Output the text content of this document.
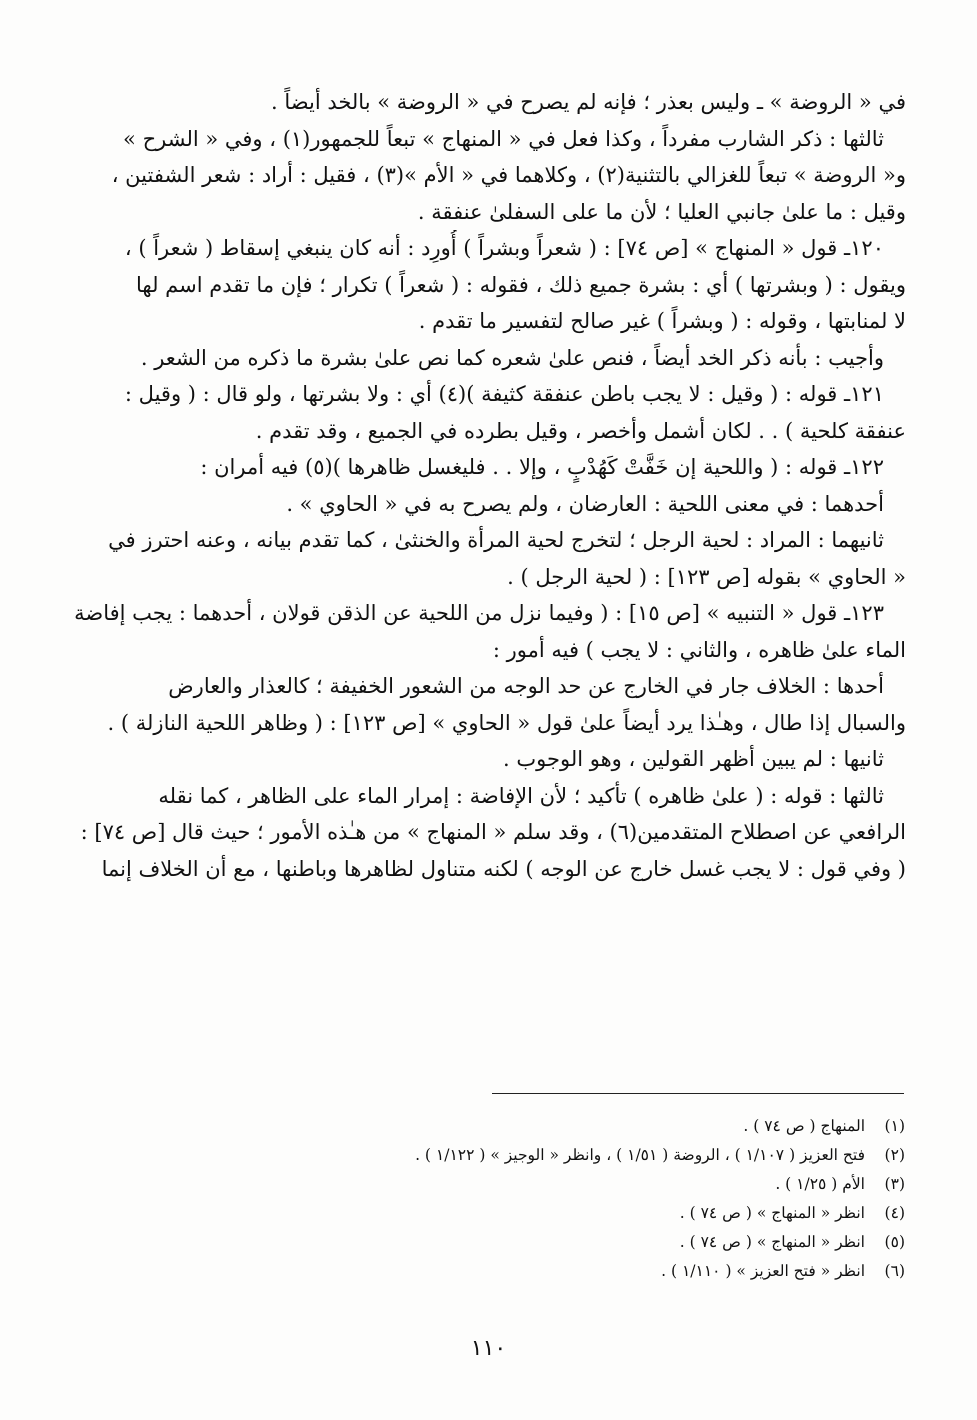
في « الروضة » ـ وليس بعذر ؛ فإنه لم يصرح في « الروضة » بالخد أيضاً .
ثالثها : ذكر الشارب مفرداً ، وكذا فعل في « المنهاج » تبعاً للجمهور(١) ، وفي « الشرح »
و« الروضة » تبعاً للغزالي بالتثنية(٢) ، وكلاهما في « الأم »(٣) ، فقيل : أراد : شعر الشفتين ،
وقيل : ما علىٰ جانبي العليا ؛ لأن ما على السفلىٰ عنفقة .
١٢٠ـ قول « المنهاج » [ص ٧٤] : ( شعراً وبشراً ) أُورِد : أنه كان ينبغي إسقاط ( شعراً ) ،
ويقول : ( وبشرتها ) أي : بشرة جميع ذلك ، فقوله : ( شعراً ) تكرار ؛ فإن ما تقدم اسم لها
لا لمنابتها ، وقوله : ( وبشراً ) غير صالح لتفسير ما تقدم .
وأجيب : بأنه ذكر الخد أيضاً ، فنص علىٰ شعره كما نص علىٰ بشرة ما ذكره من الشعر .
١٢١ـ قوله : ( وقيل : لا يجب باطن عنفقة كثيفة )(٤) أي : ولا بشرتها ، ولو قال : ( وقيل :
عنفقة كلحية ) . . لكان أشمل وأخصر ، وقيل بطرده في الجميع ، وقد تقدم .
١٢٢ـ قوله : ( واللحية إن خَفَّتْ كَهُدْبٍ ، وإلا . . فليغسل ظاهرها )(٥) فيه أمران :
أحدهما : في معنى اللحية : العارضان ، ولم يصرح به في « الحاوي » .
ثانيهما : المراد : لحية الرجل ؛ لتخرج لحية المرأة والخنثىٰ ، كما تقدم بيانه ، وعنه احترز في
« الحاوي » بقوله [ص ١٢٣] : ( لحية الرجل ) .
١٢٣ـ قول « التنبيه » [ص ١٥] : ( وفيما نزل من اللحية عن الذقن قولان ، أحدهما : يجب إفاضة
الماء علىٰ ظاهره ، والثاني : لا يجب ) فيه أمور :
أحدها : الخلاف جار في الخارج عن حد الوجه من الشعور الخفيفة ؛ كالعذار والعارض
والسبال إذا طال ، وهـٰذا يرد أيضاً علىٰ قول « الحاوي » [ص ١٢٣] : ( وظاهر اللحية النازلة ) .
ثانيها : لم يبين أظهر القولين ، وهو الوجوب .
ثالثها : قوله : ( علىٰ ظاهره ) تأكيد ؛ لأن الإفاضة : إمرار الماء على الظاهر ، كما نقله
الرافعي عن اصطلاح المتقدمين(٦) ، وقد سلم « المنهاج » من هـٰذه الأمور ؛ حيث قال [ص ٧٤] :
( وفي قول : لا يجب غسل خارج عن الوجه ) لكنه متناول لظاهرها وباطنها ، مع أن الخلاف إنما
(١)المنهاج ( ص ٧٤ ) .
(٢)فتح العزيز ( ١/١٠٧ ) ، الروضة ( ١/٥١ ) ، وانظر « الوجيز » ( ١/١٢٢ ) .
(٣)الأم ( ١/٢٥ ) .
(٤)انظر « المنهاج » ( ص ٧٤ ) .
(٥)انظر « المنهاج » ( ص ٧٤ ) .
(٦)انظر « فتح العزيز » ( ١/١١٠ ) .
١١٠
